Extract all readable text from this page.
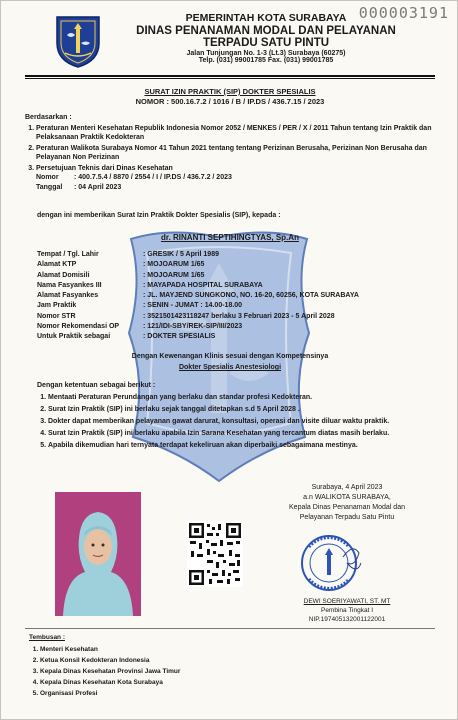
000003191
PEMERINTAH KOTA SURABAYA
DINAS PENANAMAN MODAL DAN PELAYANAN
TERPADU SATU PINTU
Jalan Tunjungan No. 1-3 (Lt.3) Surabaya (60275)
Telp. (031) 99001785 Fax. (031) 99001785
SURAT IZIN PRAKTIK (SIP) DOKTER SPESIALIS
NOMOR : 500.16.7.2 / 1016 / B / IP.DS / 436.7.15 / 2023
Berdasarkan :
1. Peraturan Menteri Kesehatan Republik Indonesia Nomor 2052 / MENKES / PER / X / 2011 Tahun tentang Izin Praktik dan Pelaksanaan Praktik Kedokteran
2. Peraturan Walikota Surabaya Nomor 41 Tahun 2021 tentang tentang Perizinan Berusaha, Perizinan Non Berusaha dan Pelayanan Non Perizinan
3. Persetujuan Teknis dari Dinas Kesehatan
Nomor : 400.7.5.4 / 8870 / 2554 / I / IP.DS / 436.7.2 / 2023
Tanggal : 04 April 2023
dengan ini memberikan Surat Izin Praktik Dokter Spesialis (SIP), kepada :
dr. RINANTI SEPTIHINGTYAS, Sp.An
Tempat / Tgl. Lahir	: GRESIK / 5 April 1989
Alamat KTP	: MOJOARUM 1/65
Alamat Domisili	: MOJOARUM 1/65
Nama Fasyankes III	: MAYAPADA HOSPITAL SURABAYA
Alamat Fasyankes	: JL. MAYJEND SUNGKONO, NO. 16-20, 60256, KOTA SURABAYA
Jam Praktik	: SENIN - JUMAT : 14.00-18.00
Nomor STR	: 3521501423118247 berlaku 3 Februari 2023 - 5 April 2028
Nomor Rekomendasi OP	: 121/IDI-SBY/REK-SIP/III/2023
Untuk Praktik sebagai	: DOKTER SPESIALIS
Dengan Kewenangan Klinis sesuai dengan Kompetensinya
Dokter Spesialis Anestesiologi
Dengan ketentuan sebagai berikut :
1. Mentaati Peraturan Perundangan yang berlaku dan standar profesi Kedokteran.
2. Surat Izin Praktik (SIP) ini berlaku sejak tanggal ditetapkan s.d 5 April 2028 .
3. Dokter dapat memberikan pelayanan gawat darurat, konsultasi, operasi dan visite diluar waktu praktik.
4. Surat Izin Praktik (SIP) ini berlaku apabila Izin Sarana Kesehatan yang tercantum diatas masih berlaku.
5. Apabila dikemudian hari ternyata terdapat kekeliruan akan diperbaiki sebagaimana mestinya.
Surabaya, 4 April 2023
a.n WALIKOTA SURABAYA,
Kepala Dinas Penanaman Modal dan
Pelayanan Terpadu Satu Pintu
DEWI SOERIYAWATI, ST. MT
Pembina Tingkat I
NIP.197405132001122001
Tembusan :
1. Menteri Kesehatan
2. Ketua Konsil Kedokteran Indonesia
3. Kepala Dinas Kesehatan Provinsi Jawa Timur
4. Kepala Dinas Kesehatan Kota Surabaya
5. Organisasi Profesi
